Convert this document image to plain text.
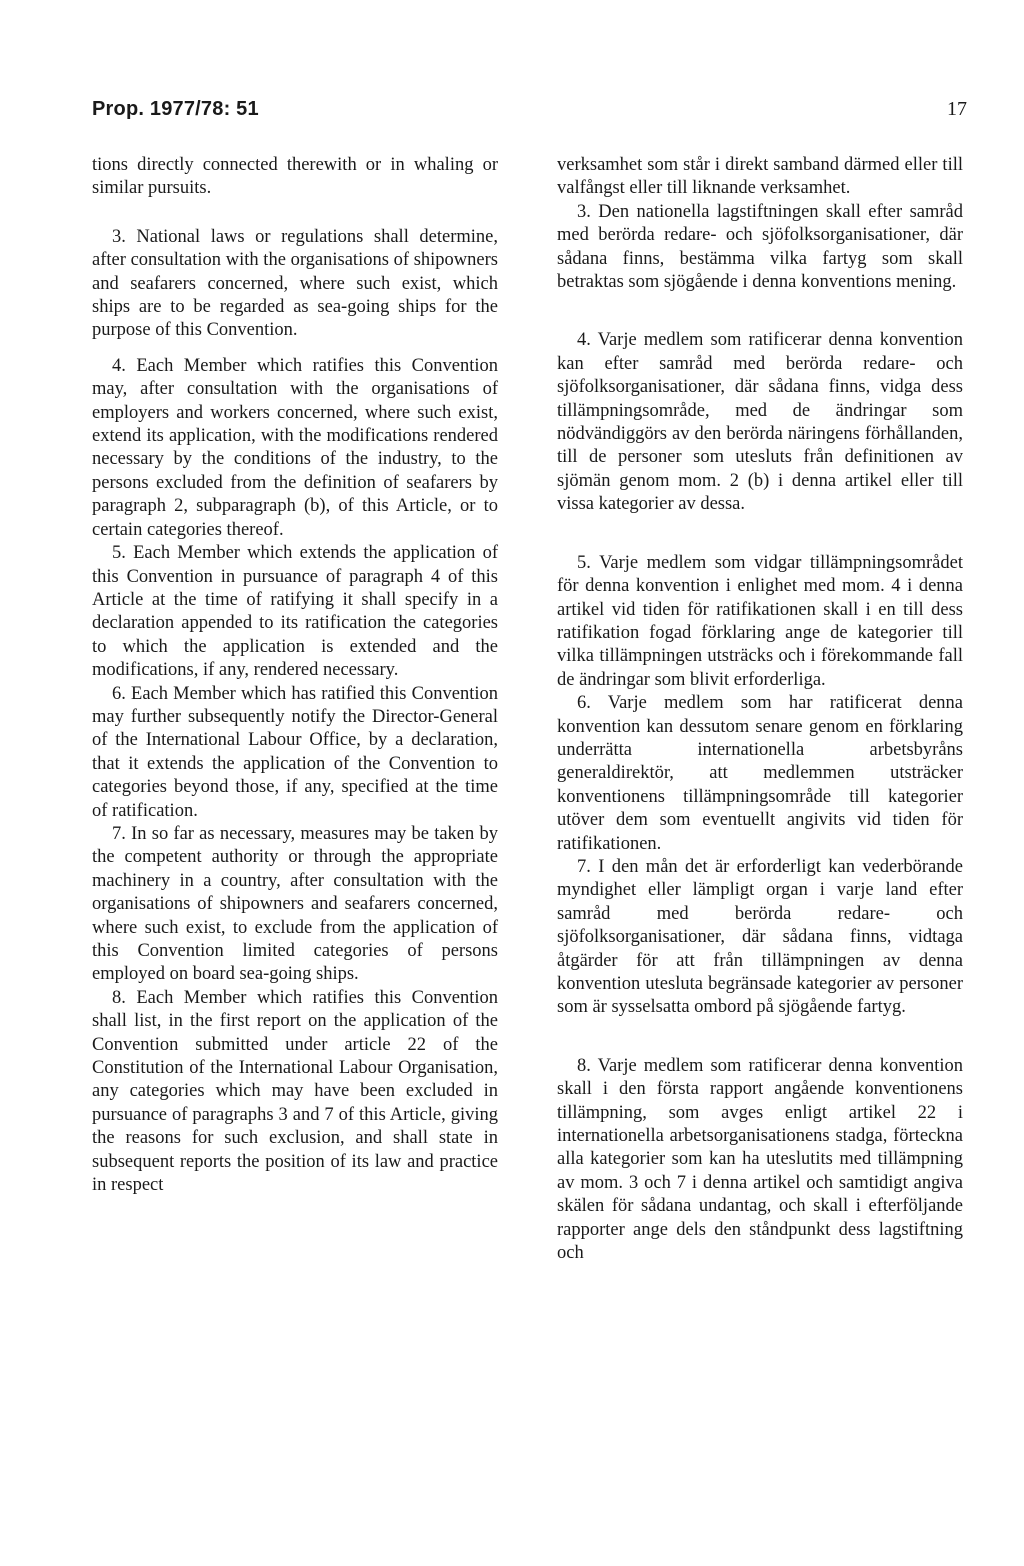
Prop. 1977/78: 51	17

tions directly connected therewith or in whaling or similar pursuits.

3. National laws or regulations shall determine, after consultation with the organisations of shipowners and seafarers concerned, where such exist, which ships are to be regarded as sea-going ships for the purpose of this Convention.

4. Each Member which ratifies this Convention may, after consultation with the organisations of employers and workers concerned, where such exist, extend its application, with the modifications rendered necessary by the conditions of the industry, to the persons excluded from the definition of seafarers by paragraph 2, subparagraph (b), of this Article, or to certain categories thereof.

5. Each Member which extends the application of this Convention in pursuance of paragraph 4 of this Article at the time of ratifying it shall specify in a declaration appended to its ratification the categories to which the application is extended and the modifications, if any, rendered necessary.

6. Each Member which has ratified this Convention may further subsequently notify the Director-General of the International Labour Office, by a declaration, that it extends the application of the Convention to categories beyond those, if any, specified at the time of ratification.

7. In so far as necessary, measures may be taken by the competent authority or through the appropriate machinery in a country, after consultation with the organisations of shipowners and seafarers concerned, where such exist, to exclude from the application of this Convention limited categories of persons employed on board sea-going ships.

8. Each Member which ratifies this Convention shall list, in the first report on the application of the Convention submitted under article 22 of the Constitution of the International Labour Organisation, any categories which may have been excluded in pursuance of paragraphs 3 and 7 of this Article, giving the reasons for such exclusion, and shall state in subsequent reports the position of its law and practice in respect

verksamhet som står i direkt samband därmed eller till valfångst eller till liknande verksamhet.

3. Den nationella lagstiftningen skall efter samråd med berörda redare- och sjöfolksorganisationer, där sådana finns, bestämma vilka fartyg som skall betraktas som sjögående i denna konventions mening.

4. Varje medlem som ratificerar denna konvention kan efter samråd med berörda redare- och sjöfolksorganisationer, där sådana finns, vidga dess tillämpningsområde, med de ändringar som nödvändiggörs av den berörda näringens förhållanden, till de personer som utesluts från definitionen av sjömän genom mom. 2 (b) i denna artikel eller till vissa kategorier av dessa.

5. Varje medlem som vidgar tillämpningsområdet för denna konvention i enlighet med mom. 4 i denna artikel vid tiden för ratifikationen skall i en till dess ratifikation fogad förklaring ange de kategorier till vilka tillämpningen utsträcks och i förekommande fall de ändringar som blivit erforderliga.

6. Varje medlem som har ratificerat denna konvention kan dessutom senare genom en förklaring underrätta internationella arbetsbyråns generaldirektör, att medlemmen utsträcker konventionens tillämpningsområde till kategorier utöver dem som eventuellt angivits vid tiden för ratifikationen.

7. I den mån det är erforderligt kan vederbörande myndighet eller lämpligt organ i varje land efter samråd med berörda redare- och sjöfolksorganisationer, där sådana finns, vidtaga åtgärder för att från tillämpningen av denna konvention utesluta begränsade kategorier av personer som är sysselsatta ombord på sjögående fartyg.

8. Varje medlem som ratificerar denna konvention skall i den första rapport angående konventionens tillämpning, som avges enligt artikel 22 i internationella arbetsorganisationens stadga, förteckna alla kategorier som kan ha uteslutits med tillämpning av mom. 3 och 7 i denna artikel och samtidigt angiva skälen för sådana undantag, och skall i efterföljande rapporter ange dels den ståndpunkt dess lagstiftning och
